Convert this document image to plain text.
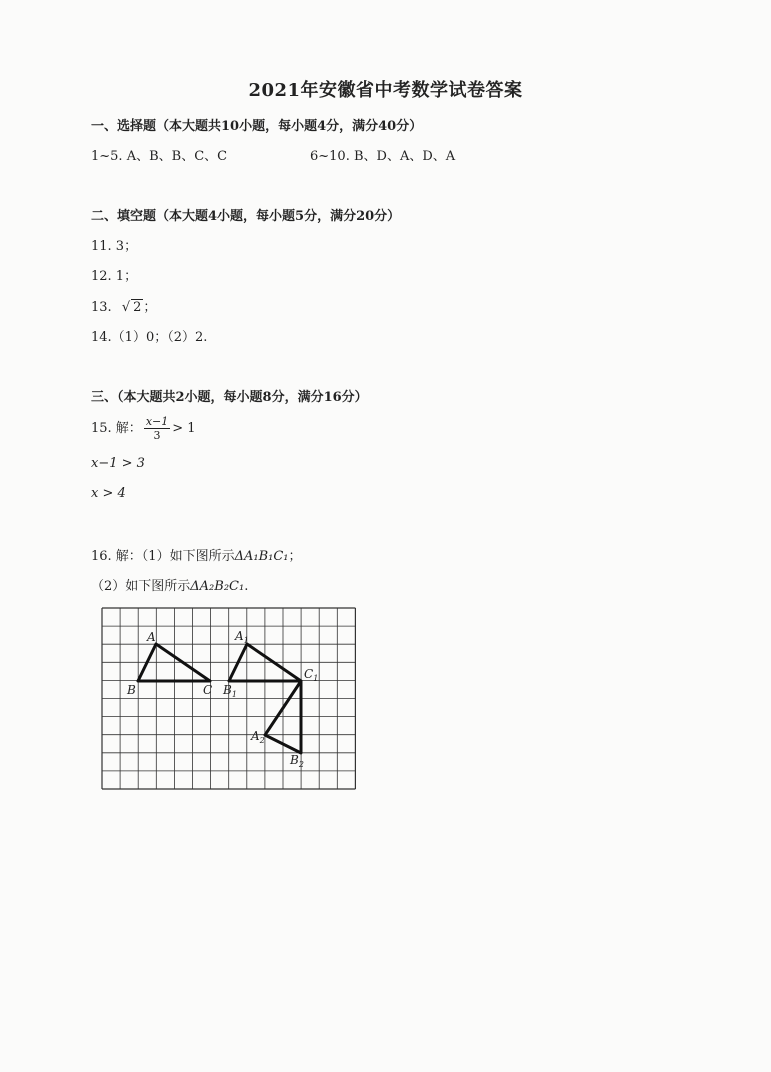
2021年安徽省中考数学试卷答案
一、选择题（本大题共10小题，每小题4分，满分40分）
1~5. A、B、B、C、C	6~10. B、D、A、D、A
二、填空题（本大题4小题，每小题5分，满分20分）
11. 3；
12. 1；
13. √ 2 ；
14.（1）0；（2）2.
三、（本大题共2小题，每小题8分，满分16分）
15. 解： $\frac{x-1}{3} > 1$
x−1 > 3
x > 4
16. 解：（1）如下图所示ΔA₁B₁C₁；
（2）如下图所示ΔA₂B₂C₁.
A
B	C
$A_1$
$B_1$
$C_1$
$A_2$
$B_2$
